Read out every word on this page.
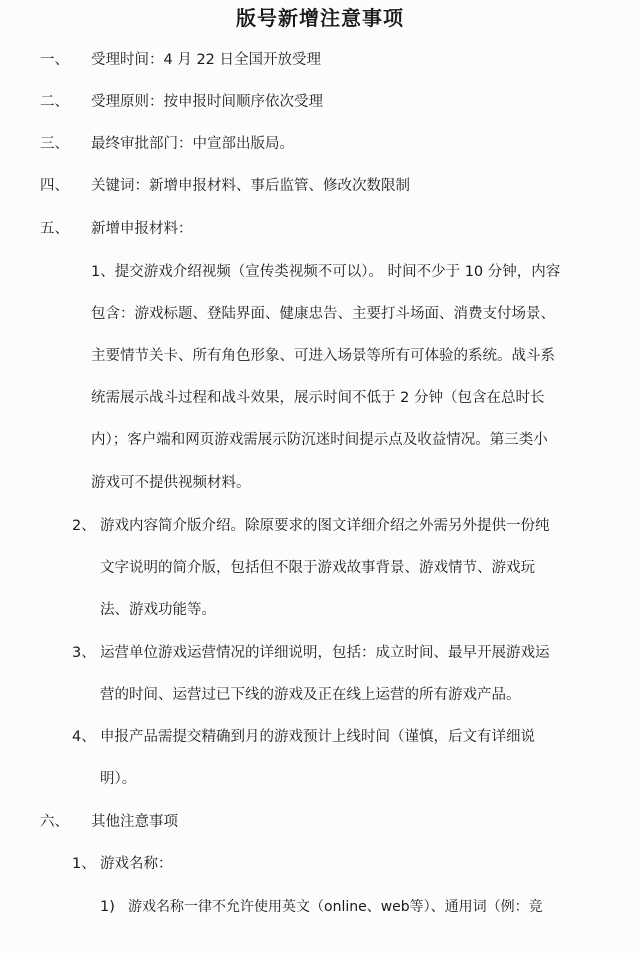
版号新增注意事项
一、 受理时间：4 月 22 日全国开放受理
二、 受理原则：按申报时间顺序依次受理
三、 最终审批部门：中宣部出版局。
四、 关键词：新增申报材料、事后监管、修改次数限制
五、 新增申报材料：
1、提交游戏介绍视频（宣传类视频不可以）。 时间不少于 10 分钟，内容
包含：游戏标题、登陆界面、健康忠告、主要打斗场面、消费支付场景、
主要情节关卡、所有角色形象、可进入场景等所有可体验的系统。战斗系
统需展示战斗过程和战斗效果，展示时间不低于 2 分钟（包含在总时长
内）；客户端和网页游戏需展示防沉迷时间提示点及收益情况。第三类小
游戏可不提供视频材料。
2、 游戏内容简介版介绍。除原要求的图文详细介绍之外需另外提供一份纯
文字说明的简介版，包括但不限于游戏故事背景、游戏情节、游戏玩
法、游戏功能等。
3、 运营单位游戏运营情况的详细说明，包括：成立时间、最早开展游戏运
营的时间、运营过已下线的游戏及正在线上运营的所有游戏产品。
4、 申报产品需提交精确到月的游戏预计上线时间（谨慎，后文有详细说
明）。
六、 其他注意事项
1、 游戏名称：
1) 游戏名称一律不允许使用英文（online、web等）、通用词（例：竞
